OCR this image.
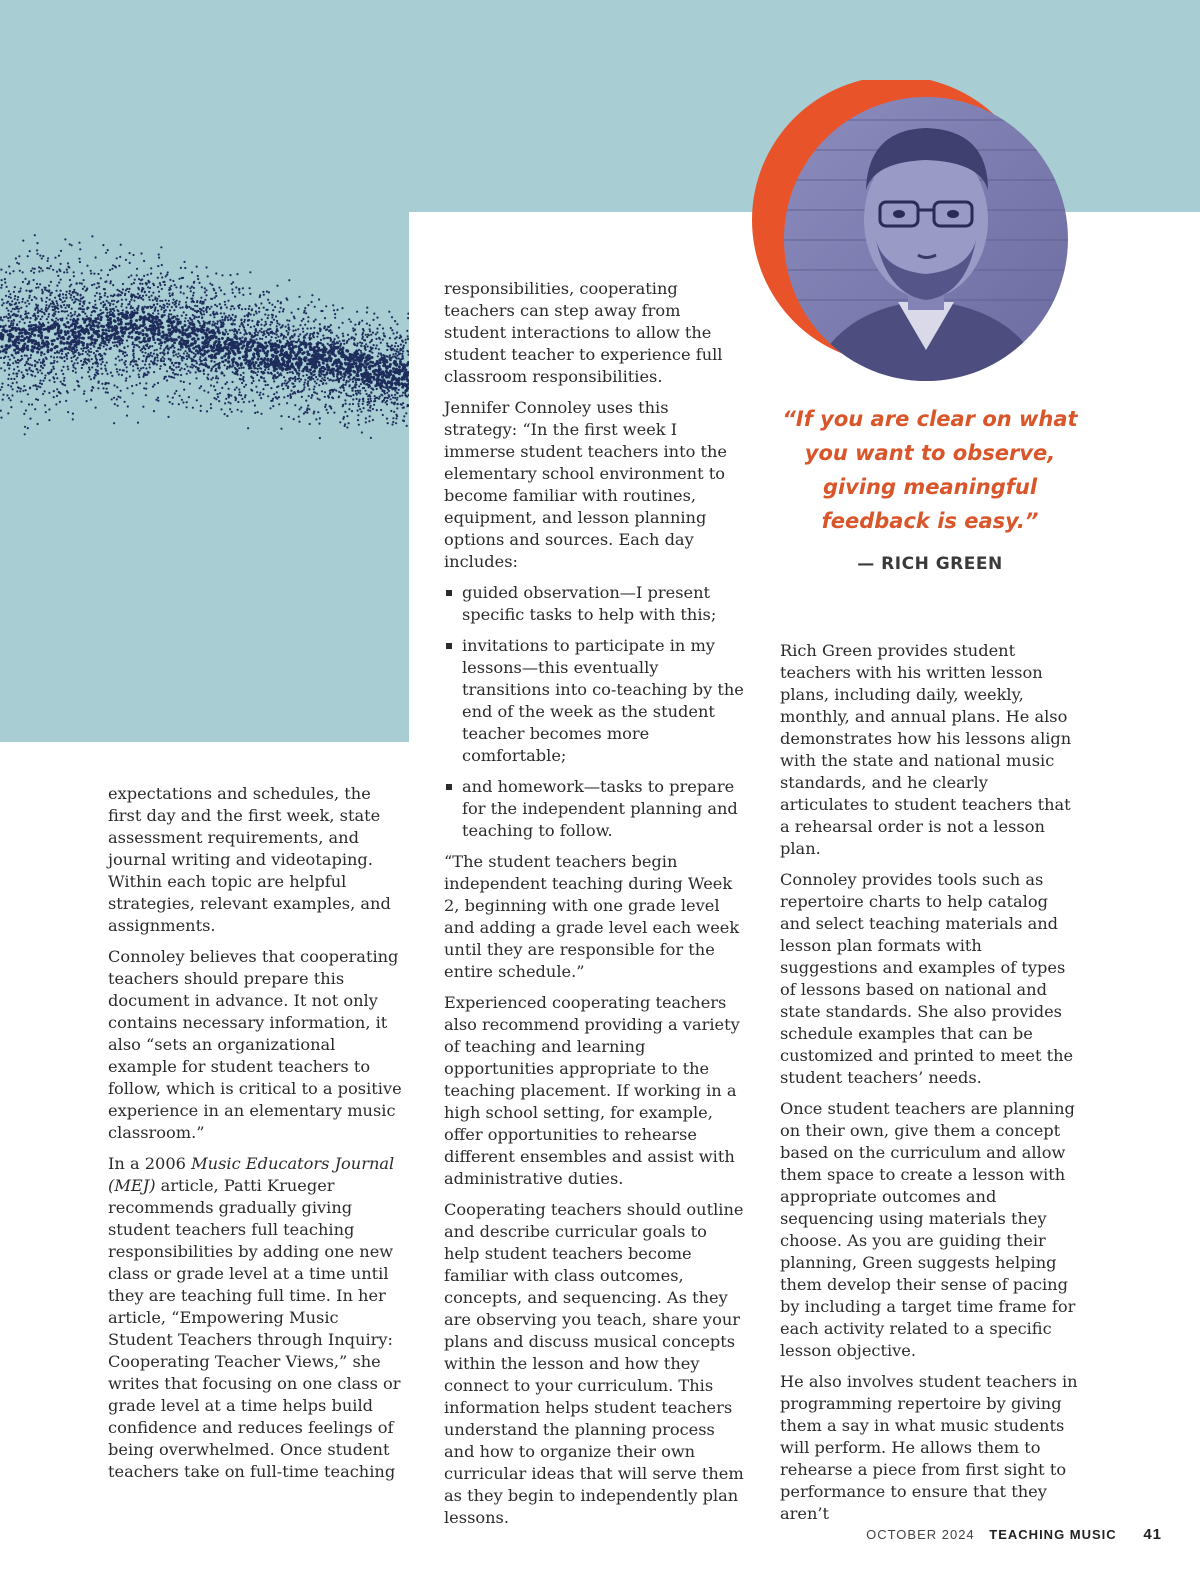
expectations and schedules, the first day and the first week, state assessment requirements, and journal writing and videotaping. Within each topic are helpful strategies, relevant examples, and assignments.

Connoley believes that cooperating teachers should prepare this document in advance. It not only contains necessary information, it also “sets an organizational example for student teachers to follow, which is critical to a positive experience in an elementary music classroom.”

In a 2006 Music Educators Journal (MEJ) article, Patti Krueger recommends gradually giving student teachers full teaching responsibilities by adding one new class or grade level at a time until they are teaching full time. In her article, “Empowering Music Student Teachers through Inquiry: Cooperating Teacher Views,” she writes that focusing on one class or grade level at a time helps build confidence and reduces feelings of being overwhelmed. Once student teachers take on full-time teaching

responsibilities, cooperating teachers can step away from student interactions to allow the student teacher to experience full classroom responsibilities.

Jennifer Connoley uses this strategy: “In the first week I immerse student teachers into the elementary school environment to become familiar with routines, equipment, and lesson planning options and sources. Each day includes:

guided observation—I present specific tasks to help with this;
invitations to participate in my lessons—this eventually transitions into co-teaching by the end of the week as the student teacher becomes more comfortable;
and homework—tasks to prepare for the independent planning and teaching to follow.

“The student teachers begin independent teaching during Week 2, beginning with one grade level and adding a grade level each week until they are responsible for the entire schedule.”

Experienced cooperating teachers also recommend providing a variety of teaching and learning opportunities appropriate to the teaching placement. If working in a high school setting, for example, offer opportunities to rehearse different ensembles and assist with administrative duties.

Cooperating teachers should outline and describe curricular goals to help student teachers become familiar with class outcomes, concepts, and sequencing. As they are observing you teach, share your plans and discuss musical concepts within the lesson and how they connect to your curriculum. This information helps student teachers understand the planning process and how to organize their own curricular ideas that will serve them as they begin to independently plan lessons.

“If you are clear on what you want to observe, giving meaningful feedback is easy.”
— RICH GREEN

Rich Green provides student teachers with his written lesson plans, including daily, weekly, monthly, and annual plans. He also demonstrates how his lessons align with the state and national music standards, and he clearly articulates to student teachers that a rehearsal order is not a lesson plan.

Connoley provides tools such as repertoire charts to help catalog and select teaching materials and lesson plan formats with suggestions and examples of types of lessons based on national and state standards. She also provides schedule examples that can be customized and printed to meet the student teachers’ needs.

Once student teachers are planning on their own, give them a concept based on the curriculum and allow them space to create a lesson with appropriate outcomes and sequencing using materials they choose. As you are guiding their planning, Green suggests helping them develop their sense of pacing by including a target time frame for each activity related to a specific lesson objective.

He also involves student teachers in programming repertoire by giving them a say in what music students will perform. He allows them to rehearse a piece from first sight to performance to ensure that they aren’t

OCTOBER 2024 TEACHING MUSIC 41
